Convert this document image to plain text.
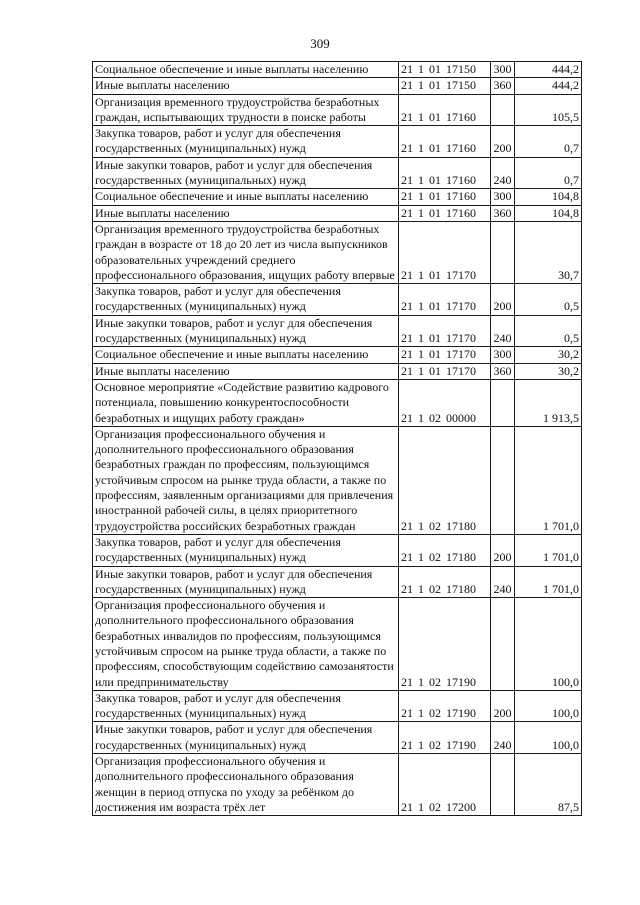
309
Социальное обеспечение и иные выплаты населению	21 1 01 17150	300	444,2
Иные выплаты населению	21 1 01 17150	360	444,2
Организация временного трудоустройства безработных граждан, испытывающих трудности в поиске работы	21 1 01 17160		105,5
Закупка товаров, работ и услуг для обеспечения государственных (муниципальных) нужд	21 1 01 17160	200	0,7
Иные закупки товаров, работ и услуг для обеспечения государственных (муниципальных) нужд	21 1 01 17160	240	0,7
Социальное обеспечение и иные выплаты населению	21 1 01 17160	300	104,8
Иные выплаты населению	21 1 01 17160	360	104,8
Организация временного трудоустройства безработных граждан в возрасте от 18 до 20 лет из числа выпускников образовательных учреждений среднего профессионального образования, ищущих работу впервые	21 1 01 17170		30,7
Закупка товаров, работ и услуг для обеспечения государственных (муниципальных) нужд	21 1 01 17170	200	0,5
Иные закупки товаров, работ и услуг для обеспечения государственных (муниципальных) нужд	21 1 01 17170	240	0,5
Социальное обеспечение и иные выплаты населению	21 1 01 17170	300	30,2
Иные выплаты населению	21 1 01 17170	360	30,2
Основное мероприятие «Содействие развитию кадрового потенциала, повышению конкурентоспособности безработных и ищущих работу граждан»	21 1 02 00000		1 913,5
Организация профессионального обучения и дополнительного профессионального образования безработных граждан по профессиям, пользующимся устойчивым спросом на рынке труда области, а также по профессиям, заявленным организациями для привлечения иностранной рабочей силы, в целях приоритетного трудоустройства российских безработных граждан	21 1 02 17180		1 701,0
Закупка товаров, работ и услуг для обеспечения государственных (муниципальных) нужд	21 1 02 17180	200	1 701,0
Иные закупки товаров, работ и услуг для обеспечения государственных (муниципальных) нужд	21 1 02 17180	240	1 701,0
Организация профессионального обучения и дополнительного профессионального образования безработных инвалидов по профессиям, пользующимся устойчивым спросом на рынке труда области, а также по профессиям, способствующим содействию самозанятости или предпринимательству	21 1 02 17190		100,0
Закупка товаров, работ и услуг для обеспечения государственных (муниципальных) нужд	21 1 02 17190	200	100,0
Иные закупки товаров, работ и услуг для обеспечения государственных (муниципальных) нужд	21 1 02 17190	240	100,0
Организация профессионального обучения и дополнительного профессионального образования женщин в период отпуска по уходу за ребёнком до достижения им возраста трёх лет	21 1 02 17200		87,5
